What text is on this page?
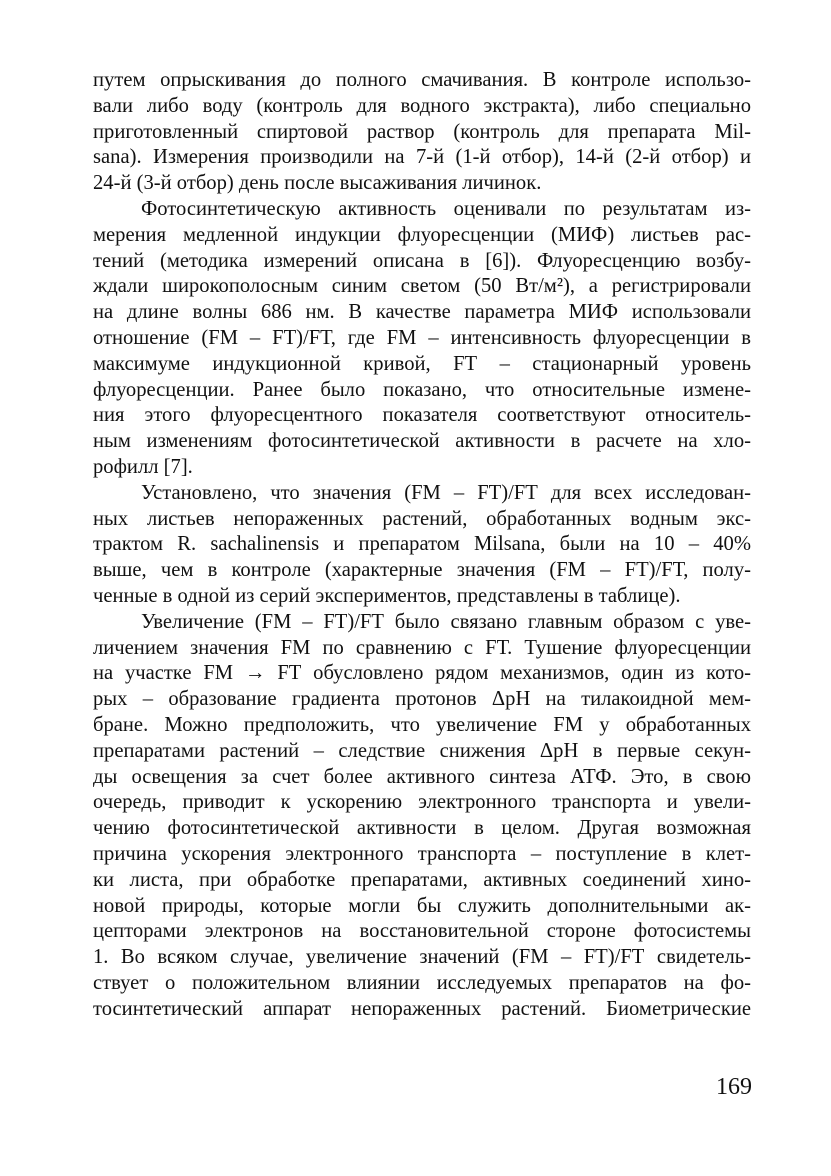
путем опрыскивания до полного смачивания. В контроле использо-
вали либо воду (контроль для водного экстракта), либо специально
приготовленный спиртовой раствор (контроль для препарата Mil-
sana). Измерения производили на 7-й (1-й отбор), 14-й (2-й отбор) и
24-й (3-й отбор) день после высаживания личинок.
Фотосинтетическую активность оценивали по результатам из-
мерения медленной индукции флуоресценции (МИФ) листьев рас-
тений (методика измерений описана в [6]). Флуоресценцию возбу-
ждали широкополосным синим светом (50 Вт/м²), а регистрировали
на длине волны 686 нм. В качестве параметра МИФ использовали
отношение (FМ – FТ)/FТ, где FМ – интенсивность флуоресценции в
максимуме индукционной кривой, FТ – стационарный уровень
флуоресценции. Ранее было показано, что относительные измене-
ния этого флуоресцентного показателя соответствуют относитель-
ным изменениям фотосинтетической активности в расчете на хло-
рофилл [7].
Установлено, что значения (FМ – FТ)/FТ для всех исследован-
ных листьев непораженных растений, обработанных водным экс-
трактом R. sachalinensis и препаратом Milsana, были на 10 – 40%
выше, чем в контроле (характерные значения (FМ – FТ)/FТ, полу-
ченные в одной из серий экспериментов, представлены в таблице).
Увеличение (FМ – FТ)/FТ было связано главным образом с уве-
личением значения FМ по сравнению с FТ. Тушение флуоресценции
на участке FМ → FТ обусловлено рядом механизмов, один из кото-
рых – образование градиента протонов ΔpH на тилакоидной мем-
бране. Можно предположить, что увеличение FМ у обработанных
препаратами растений – следствие снижения ΔpH в первые секун-
ды освещения за счет более активного синтеза АТФ. Это, в свою
очередь, приводит к ускорению электронного транспорта и увели-
чению фотосинтетической активности в целом. Другая возможная
причина ускорения электронного транспорта – поступление в клет-
ки листа, при обработке препаратами, активных соединений хино-
новой природы, которые могли бы служить дополнительными ак-
цепторами электронов на восстановительной стороне фотосистемы
1. Во всяком случае, увеличение значений (FМ – FТ)/FТ свидетель-
ствует о положительном влиянии исследуемых препаратов на фо-
тосинтетический аппарат непораженных растений. Биометрические
169
